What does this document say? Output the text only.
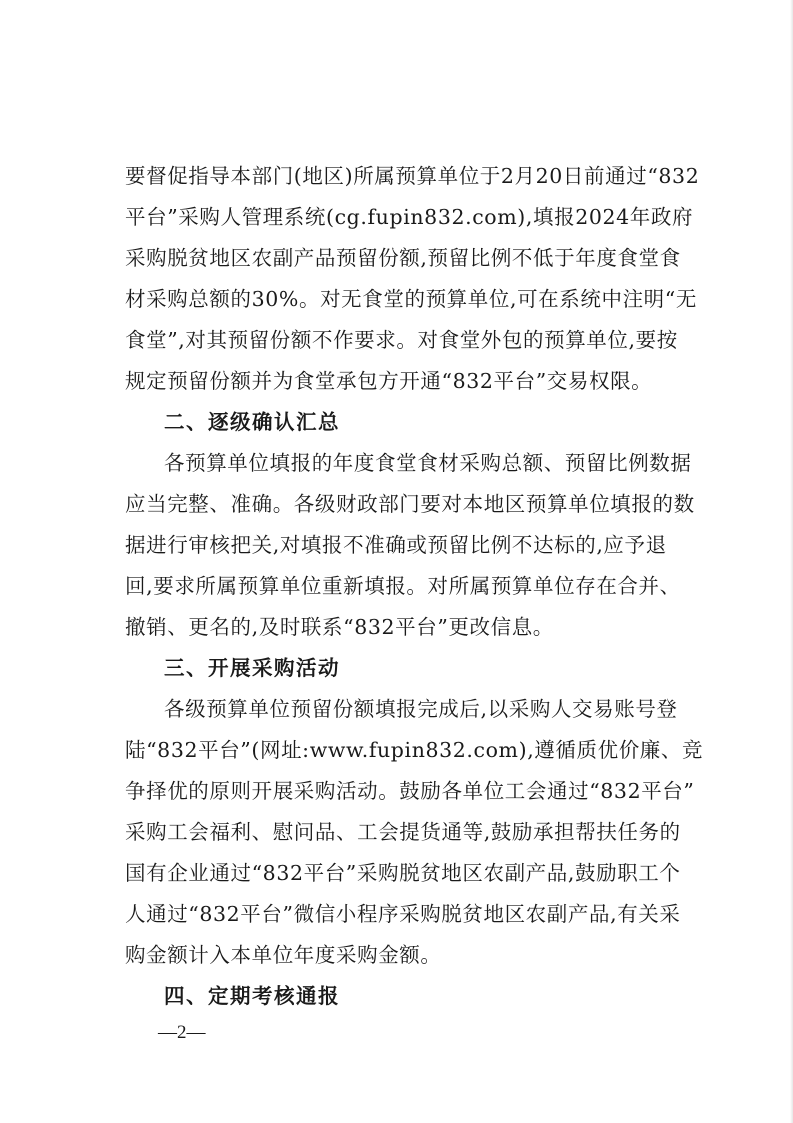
要督促指导本部门(地区)所属预算单位于2月20日前通过“832
平台”采购人管理系统(cg.fupin832.com),填报2024年政府
采购脱贫地区农副产品预留份额,预留比例不低于年度食堂食
材采购总额的30%。对无食堂的预算单位,可在系统中注明“无
食堂”,对其预留份额不作要求。对食堂外包的预算单位,要按
规定预留份额并为食堂承包方开通“832平台”交易权限。
二、逐级确认汇总
各预算单位填报的年度食堂食材采购总额、预留比例数据
应当完整、准确。各级财政部门要对本地区预算单位填报的数
据进行审核把关,对填报不准确或预留比例不达标的,应予退
回,要求所属预算单位重新填报。对所属预算单位存在合并、
撤销、更名的,及时联系“832平台”更改信息。
三、开展采购活动
各级预算单位预留份额填报完成后,以采购人交易账号登
陆“832平台”(网址:www.fupin832.com),遵循质优价廉、竞
争择优的原则开展采购活动。鼓励各单位工会通过“832平台”
采购工会福利、慰问品、工会提货通等,鼓励承担帮扶任务的
国有企业通过“832平台”采购脱贫地区农副产品,鼓励职工个
人通过“832平台”微信小程序采购脱贫地区农副产品,有关采
购金额计入本单位年度采购金额。
四、定期考核通报
—2—
